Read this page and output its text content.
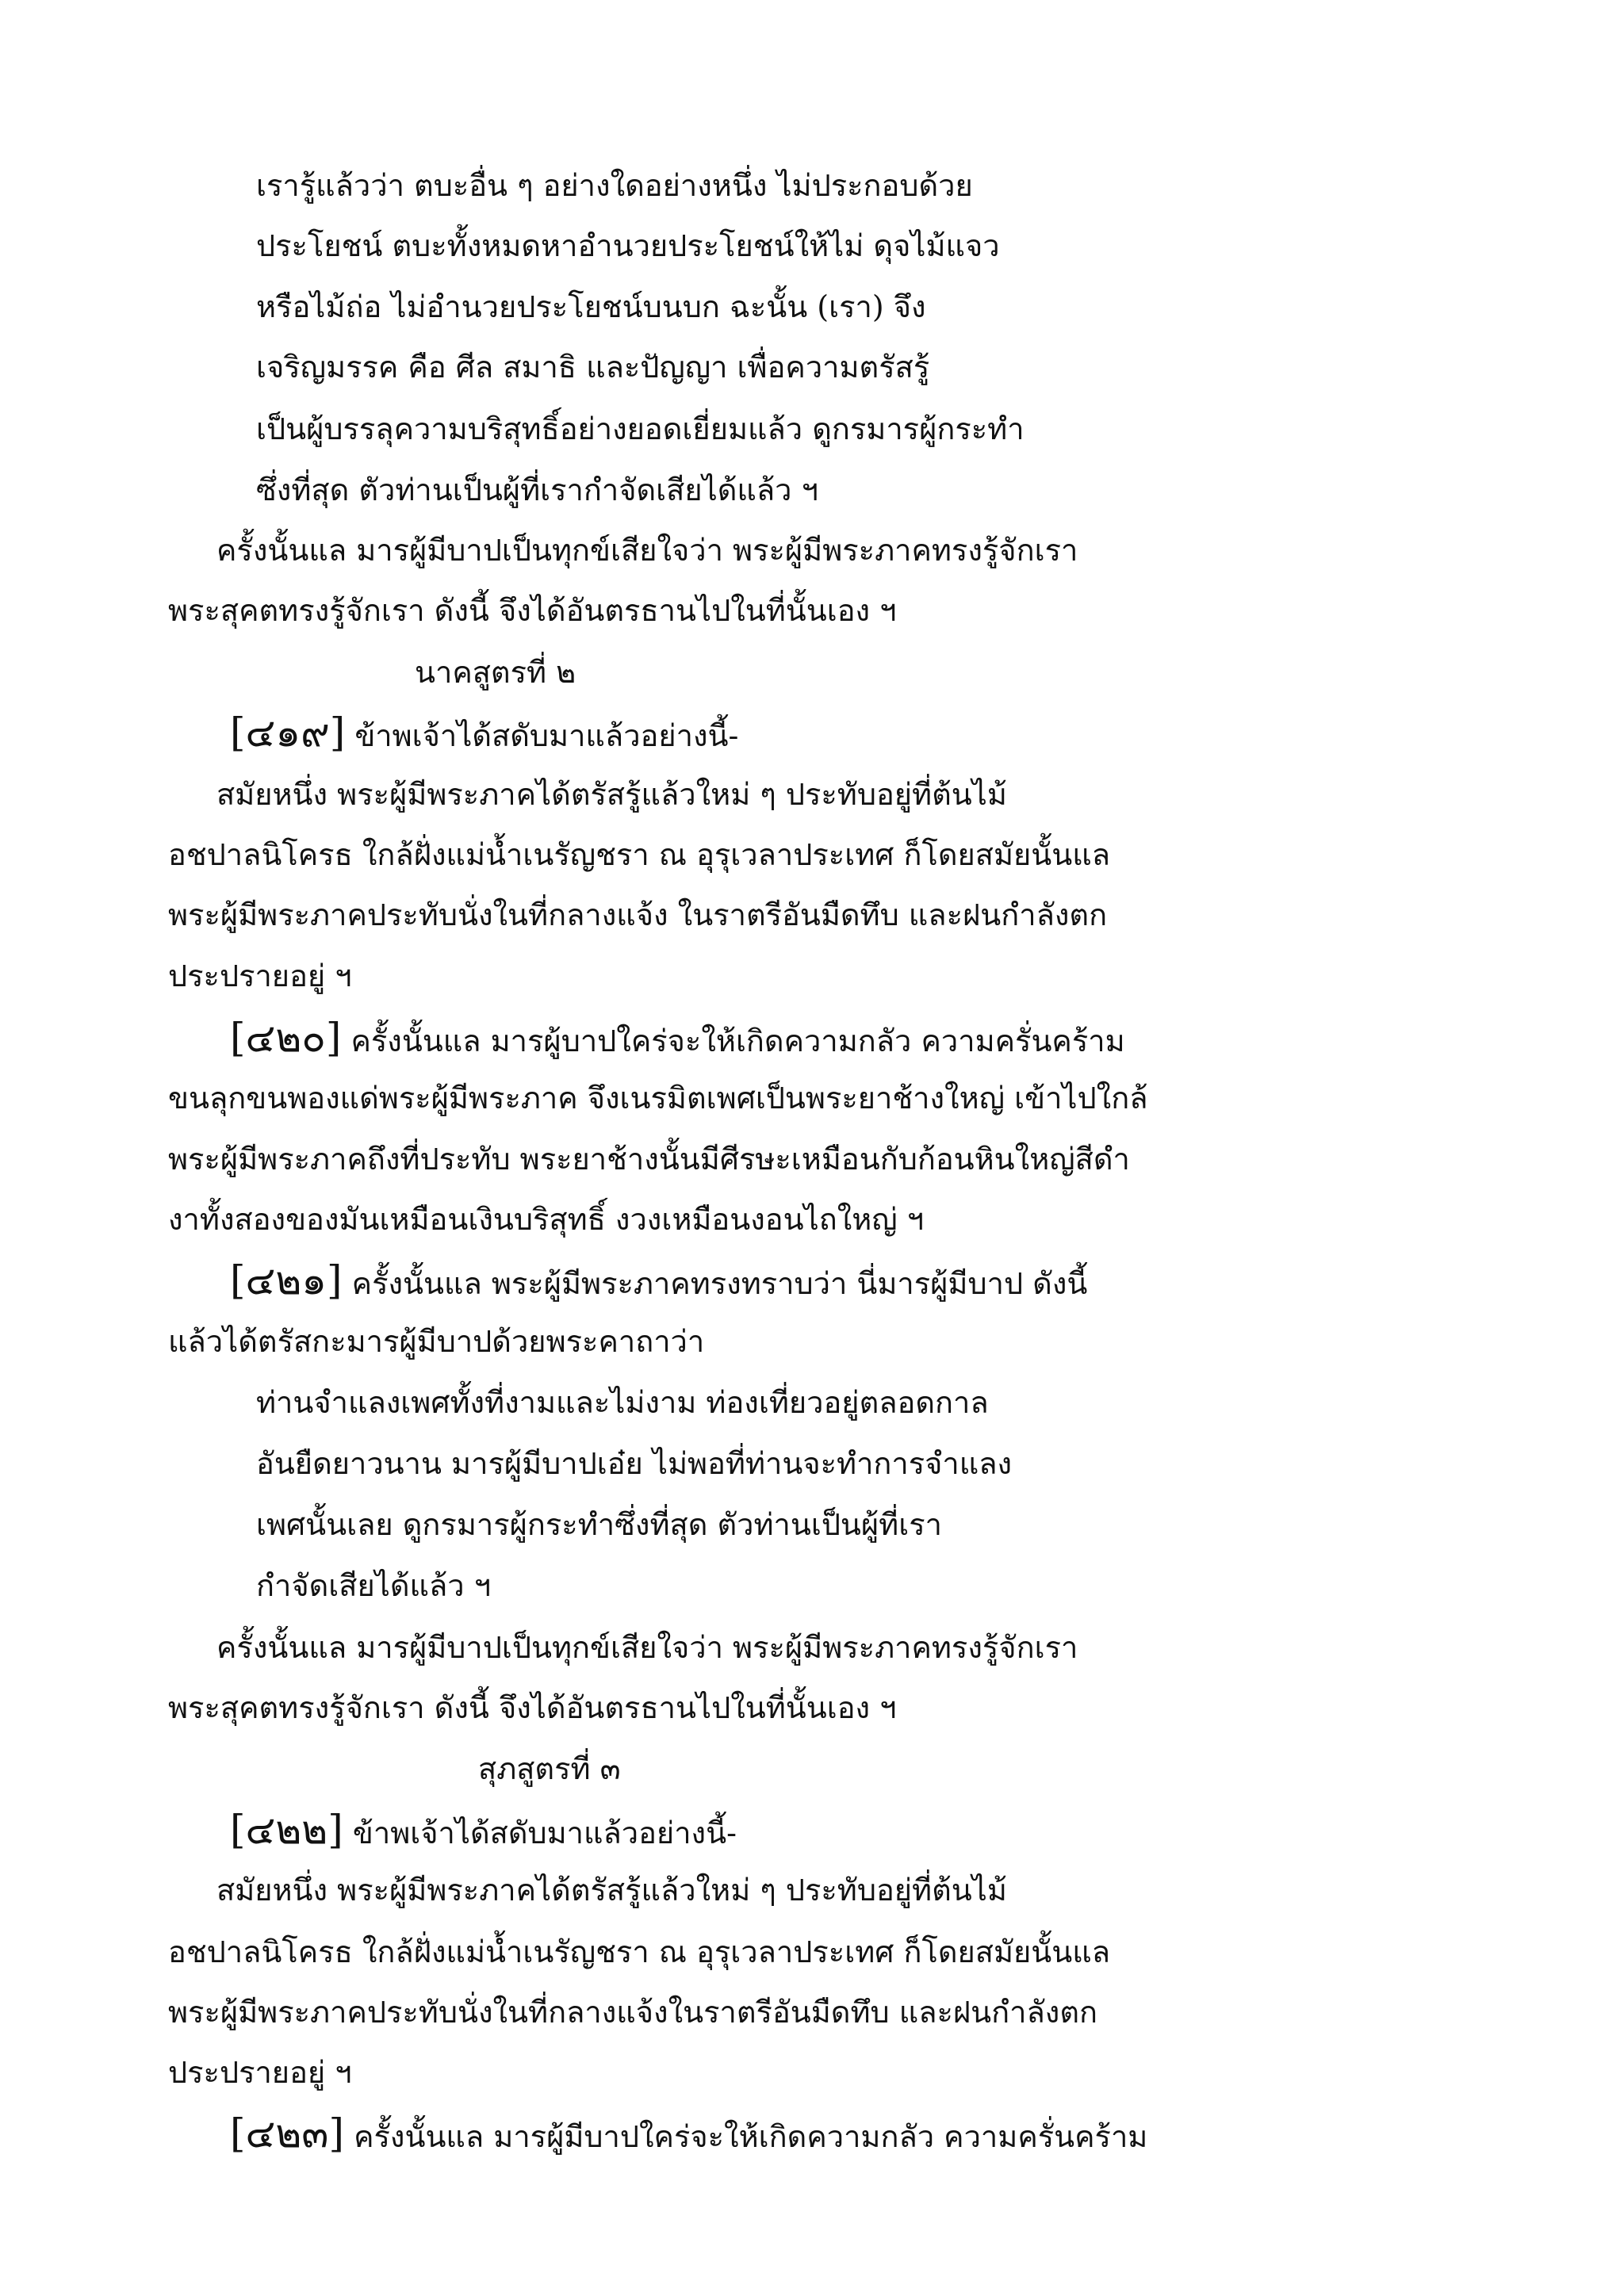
เรารู้แล้วว่า ตบะอื่น ๆ อย่างใดอย่างหนึ่ง ไม่ประกอบด้วย
ประโยชน์ ตบะทั้งหมดหาอำนวยประโยชน์ให้ไม่ ดุจไม้แจว
หรือไม้ถ่อ ไม่อำนวยประโยชน์บนบก ฉะนั้น (เรา) จึง
เจริญมรรค คือ ศีล สมาธิ และปัญญา เพื่อความตรัสรู้
เป็นผู้บรรลุความบริสุทธิ์อย่างยอดเยี่ยมแล้ว ดูกรมารผู้กระทำ
ซึ่งที่สุด ตัวท่านเป็นผู้ที่เรากำจัดเสียได้แล้ว ฯ
ครั้งนั้นแล มารผู้มีบาปเป็นทุกข์เสียใจว่า พระผู้มีพระภาคทรงรู้จักเรา
พระสุคตทรงรู้จักเรา ดังนี้ จึงได้อันตรธานไปในที่นั้นเอง ฯ
นาคสูตรที่ ๒
[๔๑๙] ข้าพเจ้าได้สดับมาแล้วอย่างนี้-
สมัยหนึ่ง พระผู้มีพระภาคได้ตรัสรู้แล้วใหม่ ๆ ประทับอยู่ที่ต้นไม้
อชปาลนิโครธ ใกล้ฝั่งแม่น้ำเนรัญชรา ณ อุรุเวลาประเทศ ก็โดยสมัยนั้นแล
พระผู้มีพระภาคประทับนั่งในที่กลางแจ้ง ในราตรีอันมืดทึบ และฝนกำลังตก
ประปรายอยู่ ฯ
[๔๒๐] ครั้งนั้นแล มารผู้บาปใคร่จะให้เกิดความกลัว ความครั่นคร้าม
ขนลุกขนพองแด่พระผู้มีพระภาค จึงเนรมิตเพศเป็นพระยาช้างใหญ่ เข้าไปใกล้
พระผู้มีพระภาคถึงที่ประทับ พระยาช้างนั้นมีศีรษะเหมือนกับก้อนหินใหญ่สีดำ
งาทั้งสองของมันเหมือนเงินบริสุทธิ์ งวงเหมือนงอนไถใหญ่ ฯ
[๔๒๑] ครั้งนั้นแล พระผู้มีพระภาคทรงทราบว่า นี่มารผู้มีบาป ดังนี้
แล้วได้ตรัสกะมารผู้มีบาปด้วยพระคาถาว่า
ท่านจำแลงเพศทั้งที่งามและไม่งาม ท่องเที่ยวอยู่ตลอดกาล
อันยืดยาวนาน มารผู้มีบาปเอ๋ย ไม่พอที่ท่านจะทำการจำแลง
เพศนั้นเลย ดูกรมารผู้กระทำซึ่งที่สุด ตัวท่านเป็นผู้ที่เรา
กำจัดเสียได้แล้ว ฯ
ครั้งนั้นแล มารผู้มีบาปเป็นทุกข์เสียใจว่า พระผู้มีพระภาคทรงรู้จักเรา
พระสุคตทรงรู้จักเรา ดังนี้ จึงได้อันตรธานไปในที่นั้นเอง ฯ
สุภสูตรที่ ๓
[๔๒๒] ข้าพเจ้าได้สดับมาแล้วอย่างนี้-
สมัยหนึ่ง พระผู้มีพระภาคได้ตรัสรู้แล้วใหม่ ๆ ประทับอยู่ที่ต้นไม้
อชปาลนิโครธ ใกล้ฝั่งแม่น้ำเนรัญชรา ณ อุรุเวลาประเทศ ก็โดยสมัยนั้นแล
พระผู้มีพระภาคประทับนั่งในที่กลางแจ้งในราตรีอันมืดทึบ และฝนกำลังตก
ประปรายอยู่ ฯ
[๔๒๓] ครั้งนั้นแล มารผู้มีบาปใคร่จะให้เกิดความกลัว ความครั่นคร้าม
